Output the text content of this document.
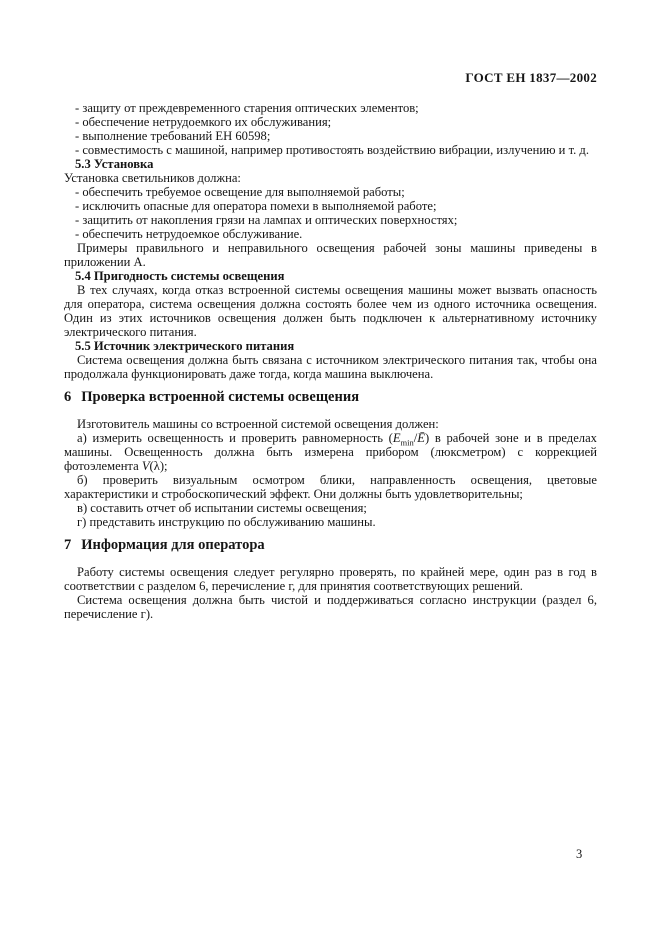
ГОСТ ЕН 1837—2002
- защиту от преждевременного старения оптических элементов;
- обеспечение нетрудоемкого их обслуживания;
- выполнение требований ЕН 60598;
- совместимость с машиной, например противостоять воздействию вибрации, излучению и т. д.
5.3 Установка
Установка светильников должна:
- обеспечить требуемое освещение для выполняемой работы;
- исключить опасные для оператора помехи в выполняемой работе;
- защитить от накопления грязи на лампах и оптических поверхностях;
- обеспечить нетрудоемкое обслуживание.
Примеры правильного и неправильного освещения рабочей зоны машины приведены в приложении А.
5.4 Пригодность системы освещения
В тех случаях, когда отказ встроенной системы освещения машины может вызвать опасность для оператора, система освещения должна состоять более чем из одного источника освещения. Один из этих источников освещения должен быть подключен к альтернативному источнику электрического питания.
5.5 Источник электрического питания
Система освещения должна быть связана с источником электрического питания так, чтобы она продолжала функционировать даже тогда, когда машина выключена.
6 Проверка встроенной системы освещения
Изготовитель машины со встроенной системой освещения должен:
а) измерить освещенность и проверить равномерность $(E_{min}/Ē)$ в рабочей зоне и в пределах машины. Освещенность должна быть измерена прибором (люксметром) с коррекцией фотоэлемента V(λ);
б) проверить визуальным осмотром блики, направленность освещения, цветовые характеристики и стробоскопический эффект. Они должны быть удовлетворительны;
в) составить отчет об испытании системы освещения;
г) представить инструкцию по обслуживанию машины.
7 Информация для оператора
Работу системы освещения следует регулярно проверять, по крайней мере, один раз в год в соответствии с разделом 6, перечисление г, для принятия соответствующих решений.
Система освещения должна быть чистой и поддерживаться согласно инструкции (раздел 6, перечисление г).
3
